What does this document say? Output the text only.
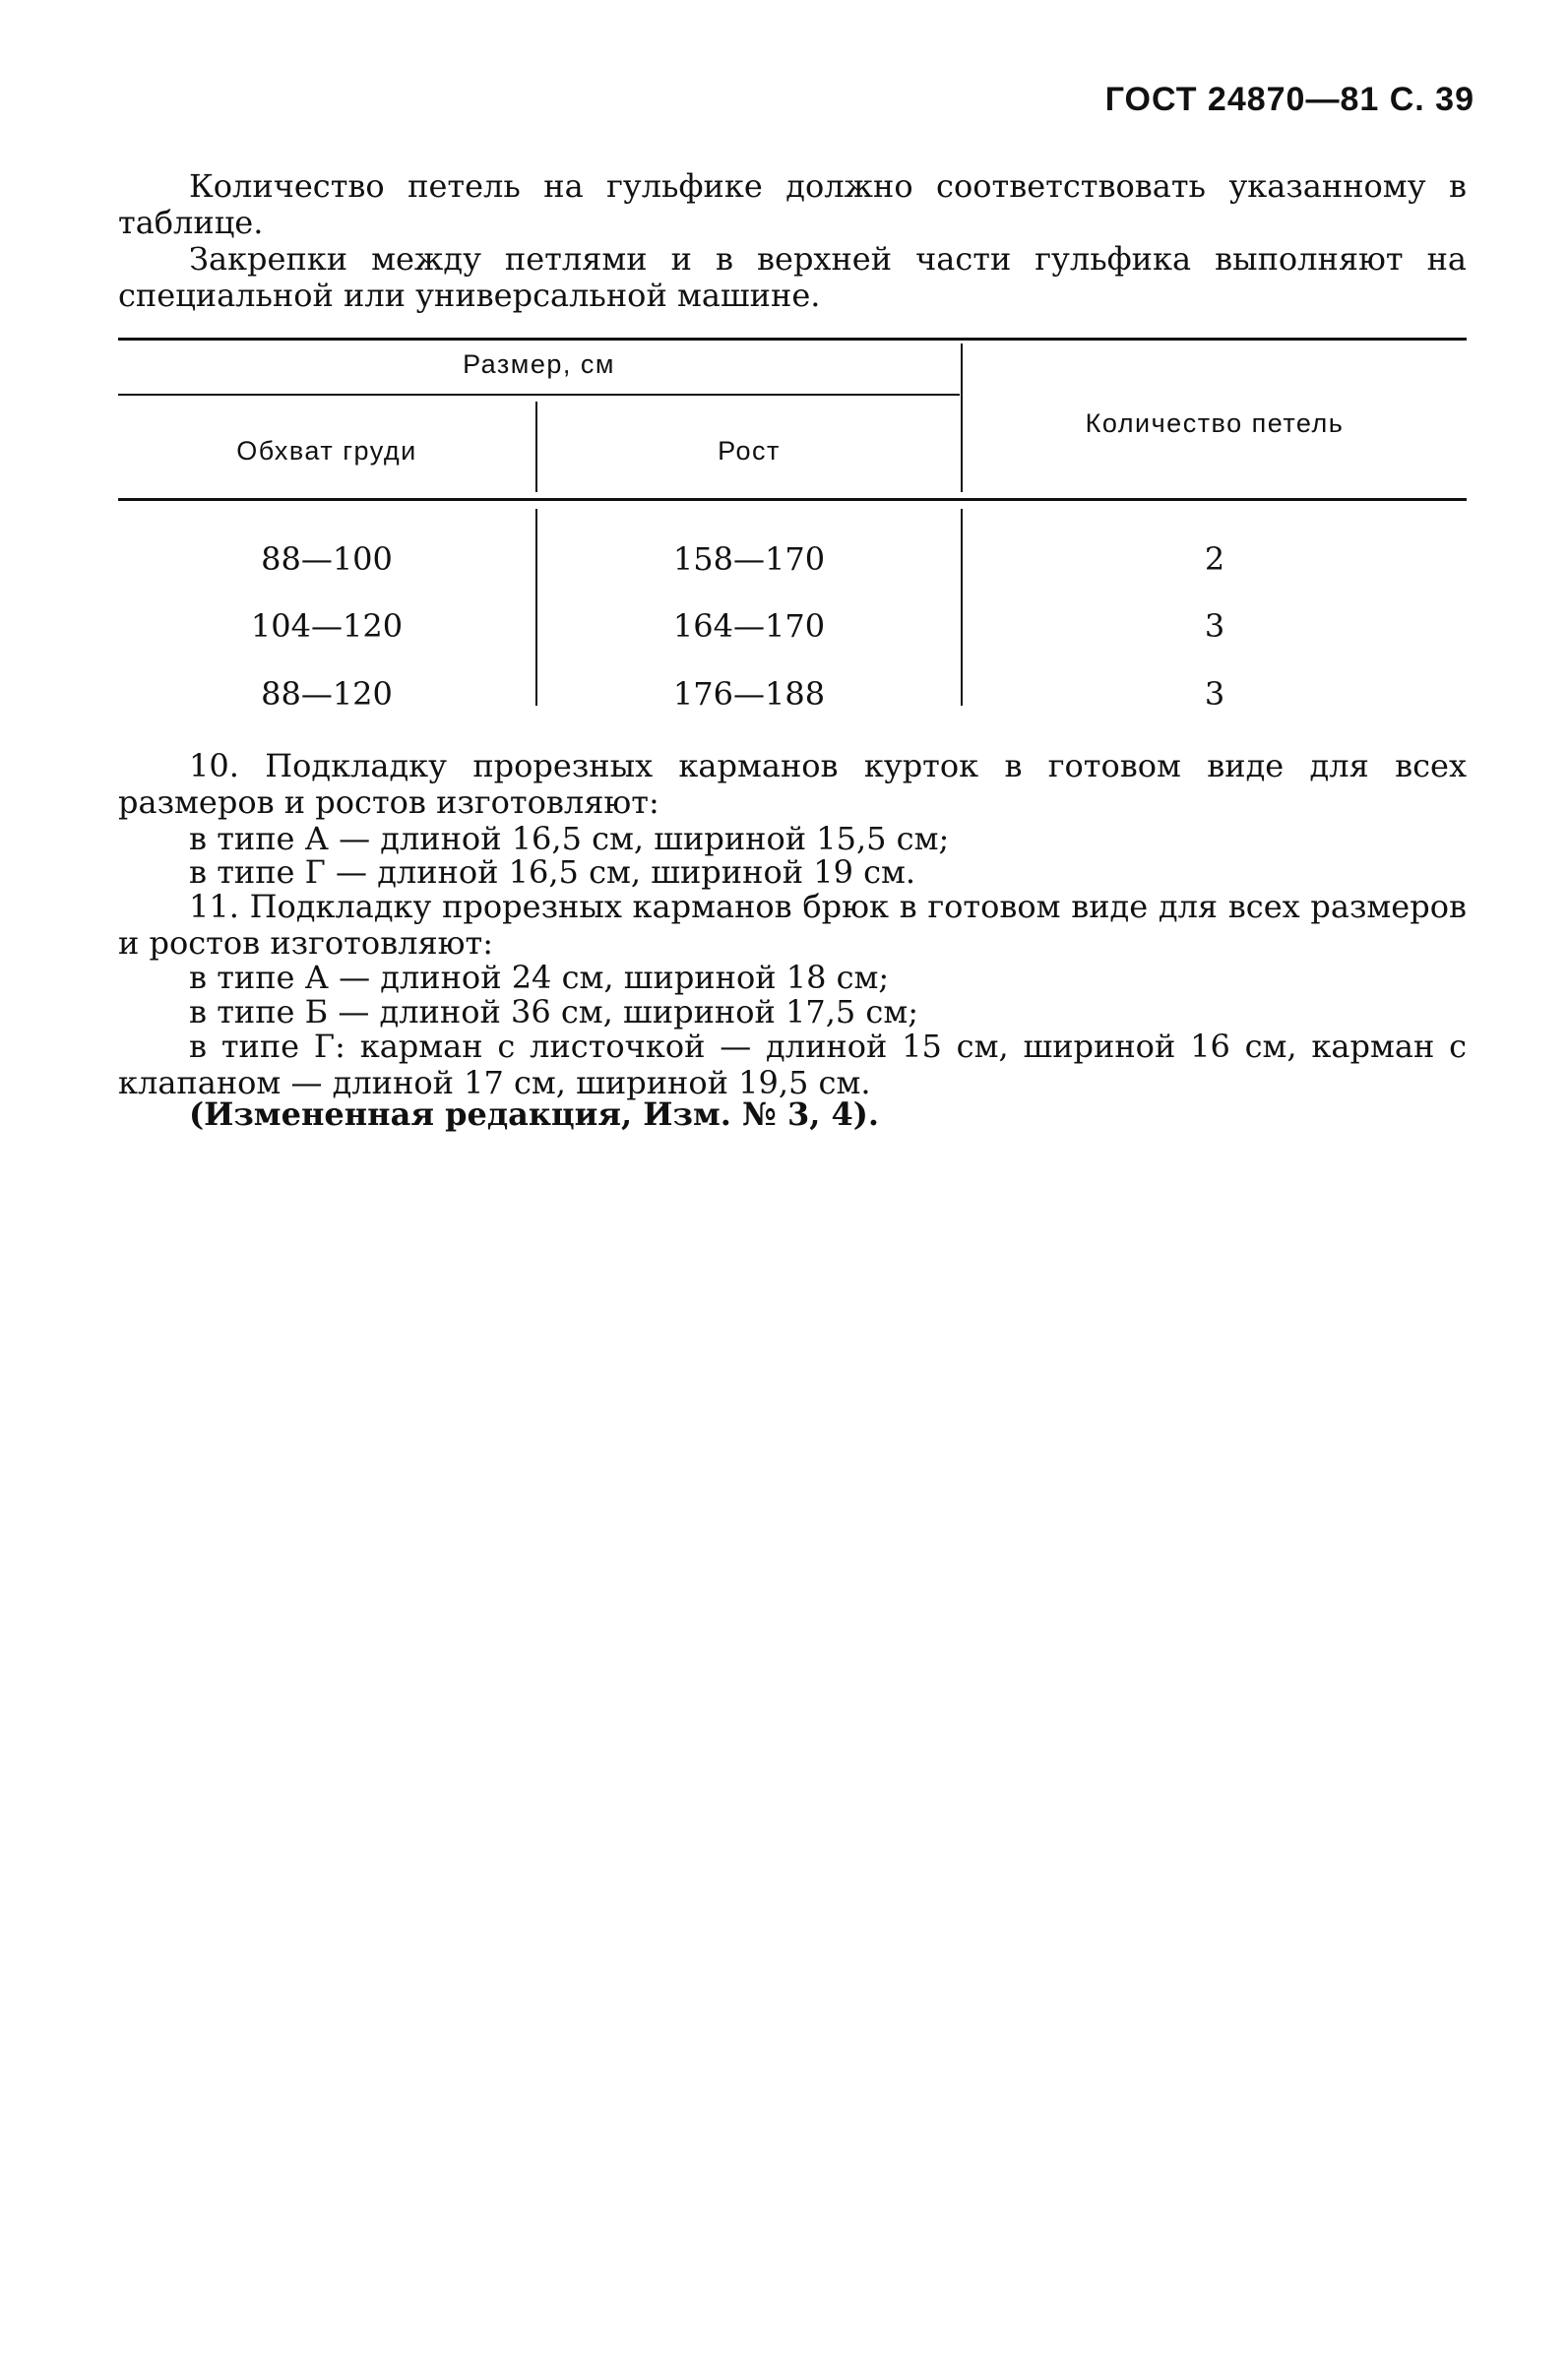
ГОСТ 24870—81 С. 39
Количество петель на гульфике должно соответствовать указанному в таблице.
Закрепки между петлями и в верхней части гульфика выполняют на специальной или универсальной машине.
Размер, см
Обхват груди	Рост
Количество петель
88—100	158—170	2
104—120	164—170	3
88—120	176—188	3
10. Подкладку прорезных карманов курток в готовом виде для всех размеров и ростов изготовляют:
в типе А — длиной 16,5 см, шириной 15,5 см;
в типе Г — длиной 16,5 см, шириной 19 см.
11. Подкладку прорезных карманов брюк в готовом виде для всех размеров и ростов изготовляют:
в типе А — длиной 24 см, шириной 18 см;
в типе Б — длиной 36 см, шириной 17,5 см;
в типе Г: карман с листочкой — длиной 15 см, шириной 16 см, карман с клапаном — длиной 17 см, шириной 19,5 см.
(Измененная редакция, Изм. № 3, 4).
